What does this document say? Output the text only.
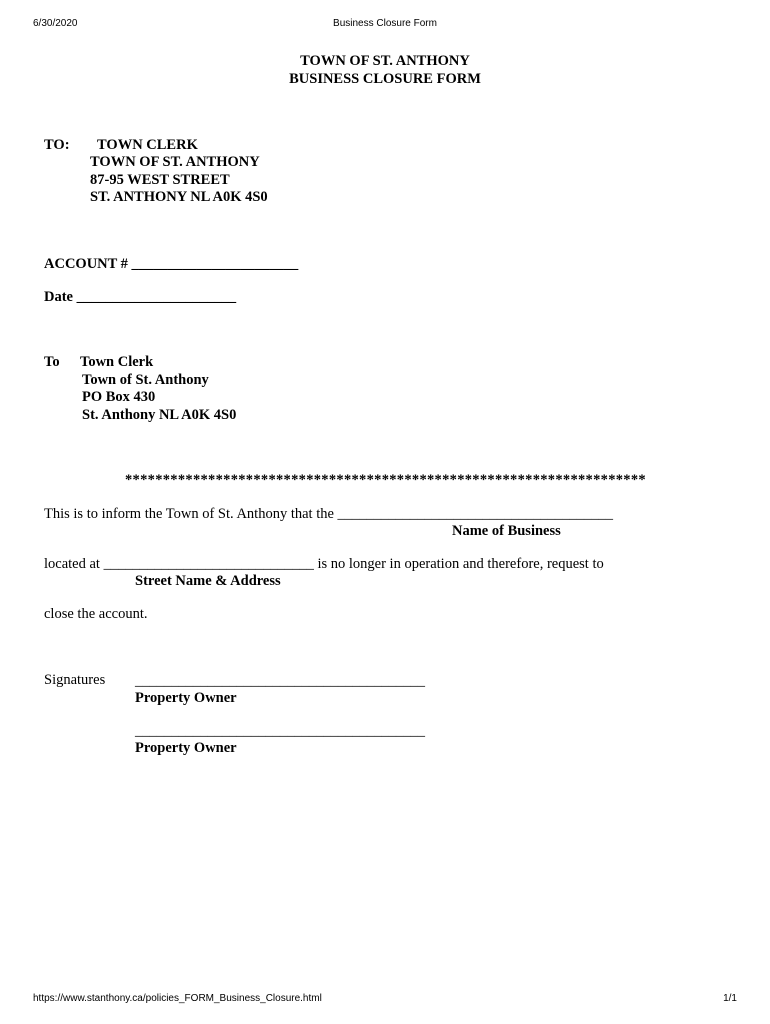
6/30/2020	Business Closure Form
TOWN OF ST. ANTHONY
BUSINESS CLOSURE FORM
TO: TOWN CLERK
TOWN OF ST. ANTHONY
87-95 WEST STREET
ST. ANTHONY NL A0K 4S0
ACCOUNT # _______________________
Date ______________________
To Town Clerk
Town of St. Anthony
PO Box 430
St. Anthony NL A0K 4S0
*********************************************************************
This is to inform the Town of St. Anthony that the ______________________________________
Name of Business
located at _____________________________ is no longer in operation and therefore, request to
Street Name & Address
close the account.
Signatures ________________________________________
Property Owner
________________________________________
Property Owner
https://www.stanthony.ca/policies_FORM_Business_Closure.html	1/1
